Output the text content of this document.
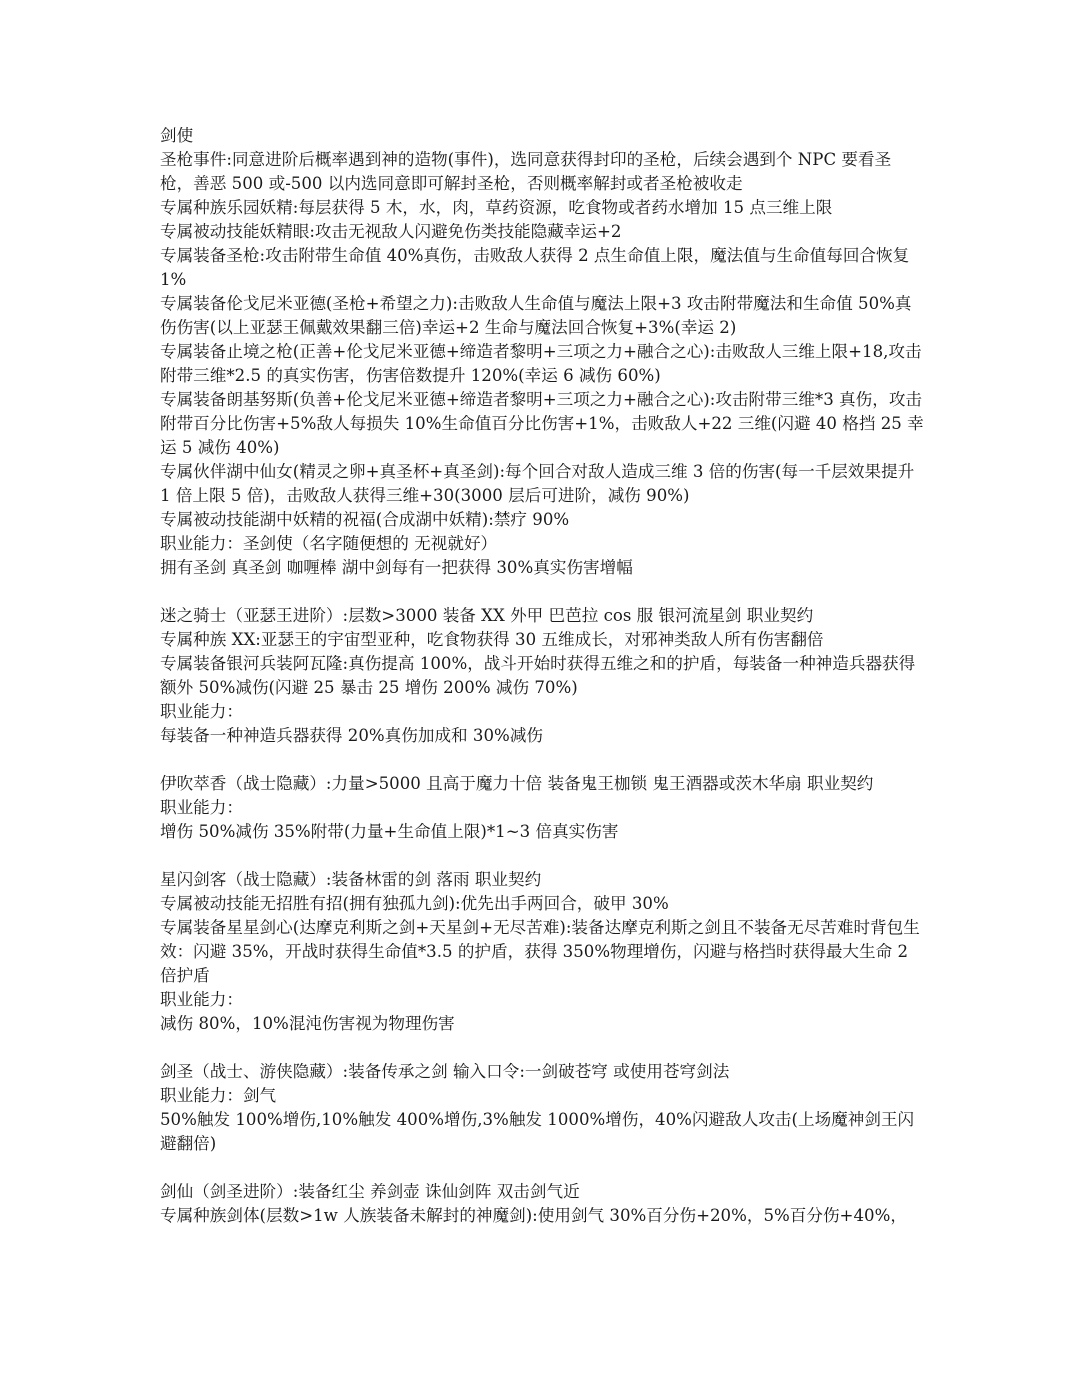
剑使

圣枪事件:同意进阶后概率遇到神的造物(事件)，选同意获得封印的圣枪，后续会遇到个 NPC 要看圣枪，善恶 500 或-500 以内选同意即可解封圣枪，否则概率解封或者圣枪被收走

专属种族乐园妖精:每层获得 5 木，水，肉，草药资源，吃食物或者药水增加 15 点三维上限

专属被动技能妖精眼:攻击无视敌人闪避免伤类技能隐藏幸运+2

专属装备圣枪:攻击附带生命值 40%真伤，击败敌人获得 2 点生命值上限，魔法值与生命值每回合恢复 1%

专属装备伦戈尼米亚德(圣枪+希望之力):击败敌人生命值与魔法上限+3 攻击附带魔法和生命值 50%真伤伤害(以上亚瑟王佩戴效果翻三倍)幸运+2 生命与魔法回合恢复+3%(幸运 2)

专属装备止境之枪(正善+伦戈尼米亚德+缔造者黎明+三项之力+融合之心):击败敌人三维上限+18,攻击附带三维*2.5 的真实伤害，伤害倍数提升 120%(幸运 6 减伤 60%)

专属装备朗基努斯(负善+伦戈尼米亚德+缔造者黎明+三项之力+融合之心):攻击附带三维*3 真伤，攻击附带百分比伤害+5%敌人每损失 10%生命值百分比伤害+1%，击败敌人+22 三维(闪避 40 格挡 25 幸运 5 减伤 40%)

专属伙伴湖中仙女(精灵之卵+真圣杯+真圣剑):每个回合对敌人造成三维 3 倍的伤害(每一千层效果提升 1 倍上限 5 倍)，击败敌人获得三维+30(3000 层后可进阶，减伤 90%)

专属被动技能湖中妖精的祝福(合成湖中妖精):禁疗 90%

职业能力：圣剑使（名字随便想的 无视就好）

拥有圣剑 真圣剑 咖喱棒 湖中剑每有一把获得 30%真实伤害增幅

迷之骑士（亚瑟王进阶）:层数>3000 装备 XX 外甲 巴芭拉 cos 服 银河流星剑 职业契约

专属种族 XX:亚瑟王的宇宙型亚种，吃食物获得 30 五维成长，对邪神类敌人所有伤害翻倍

专属装备银河兵装阿瓦隆:真伤提高 100%，战斗开始时获得五维之和的护盾，每装备一种神造兵器获得额外 50%减伤(闪避 25 暴击 25 增伤 200% 减伤 70%)

职业能力：

每装备一种神造兵器获得 20%真伤加成和 30%减伤

伊吹萃香（战士隐藏）:力量>5000 且高于魔力十倍 装备鬼王枷锁 鬼王酒器或茨木华扇 职业契约

职业能力：

增伤 50%减伤 35%附带(力量+生命值上限)*1~3 倍真实伤害

星闪剑客（战士隐藏）:装备林雷的剑 落雨 职业契约

专属被动技能无招胜有招(拥有独孤九剑):优先出手两回合，破甲 30%

专属装备星星剑心(达摩克利斯之剑+天星剑+无尽苦难):装备达摩克利斯之剑且不装备无尽苦难时背包生效：闪避 35%，开战时获得生命值*3.5 的护盾，获得 350%物理增伤，闪避与格挡时获得最大生命 2 倍护盾

职业能力：

减伤 80%，10%混沌伤害视为物理伤害

剑圣（战士、游侠隐藏）:装备传承之剑 输入口令:一剑破苍穹 或使用苍穹剑法

职业能力：剑气

50%触发 100%增伤,10%触发 400%增伤,3%触发 1000%增伤，40%闪避敌人攻击(上场魔神剑王闪避翻倍)

剑仙（剑圣进阶）:装备红尘 养剑壶 诛仙剑阵 双击剑气近

专属种族剑体(层数>1w 人族装备未解封的神魔剑):使用剑气 30%百分伤+20%，5%百分伤+40%，
